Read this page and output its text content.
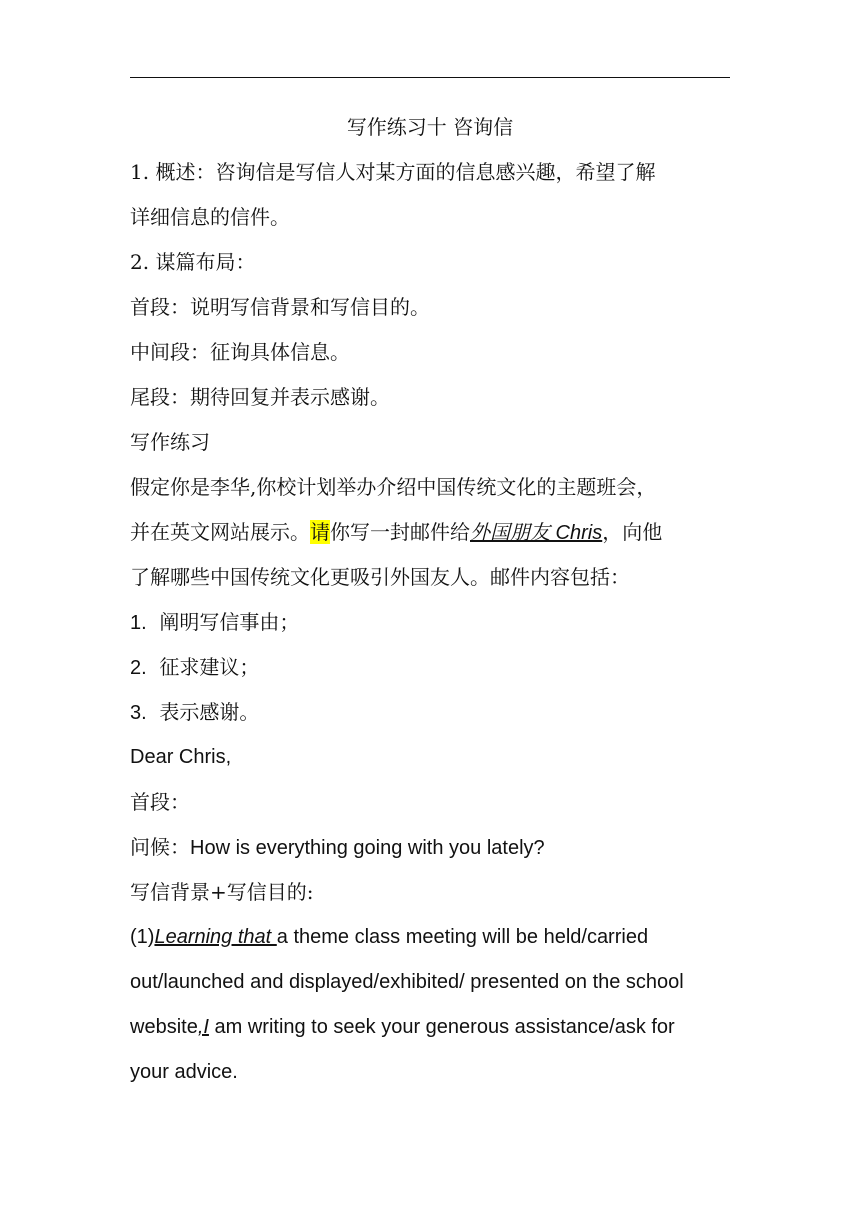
写作练习十 咨询信
1. 概述：咨询信是写信人对某方面的信息感兴趣，希望了解
详细信息的信件。
2. 谋篇布局：
首段：说明写信背景和写信目的。
中间段：征询具体信息。
尾段：期待回复并表示感谢。
写作练习
假定你是李华,你校计划举办介绍中国传统文化的主题班会，
并在英文网站展示。请你写一封邮件给外国朋友 Chris，向他
了解哪些中国传统文化更吸引外国友人。邮件内容包括：
1. 阐明写信事由；
2. 征求建议；
3. 表示感谢。
Dear Chris,
首段：
问候：How is everything going with you lately?
写信背景+写信目的:
(1)Learning that a theme class meeting will be held/carried
out/launched and displayed/exhibited/ presented on the school
website,I am writing to seek your generous assistance/ask for
your advice.
